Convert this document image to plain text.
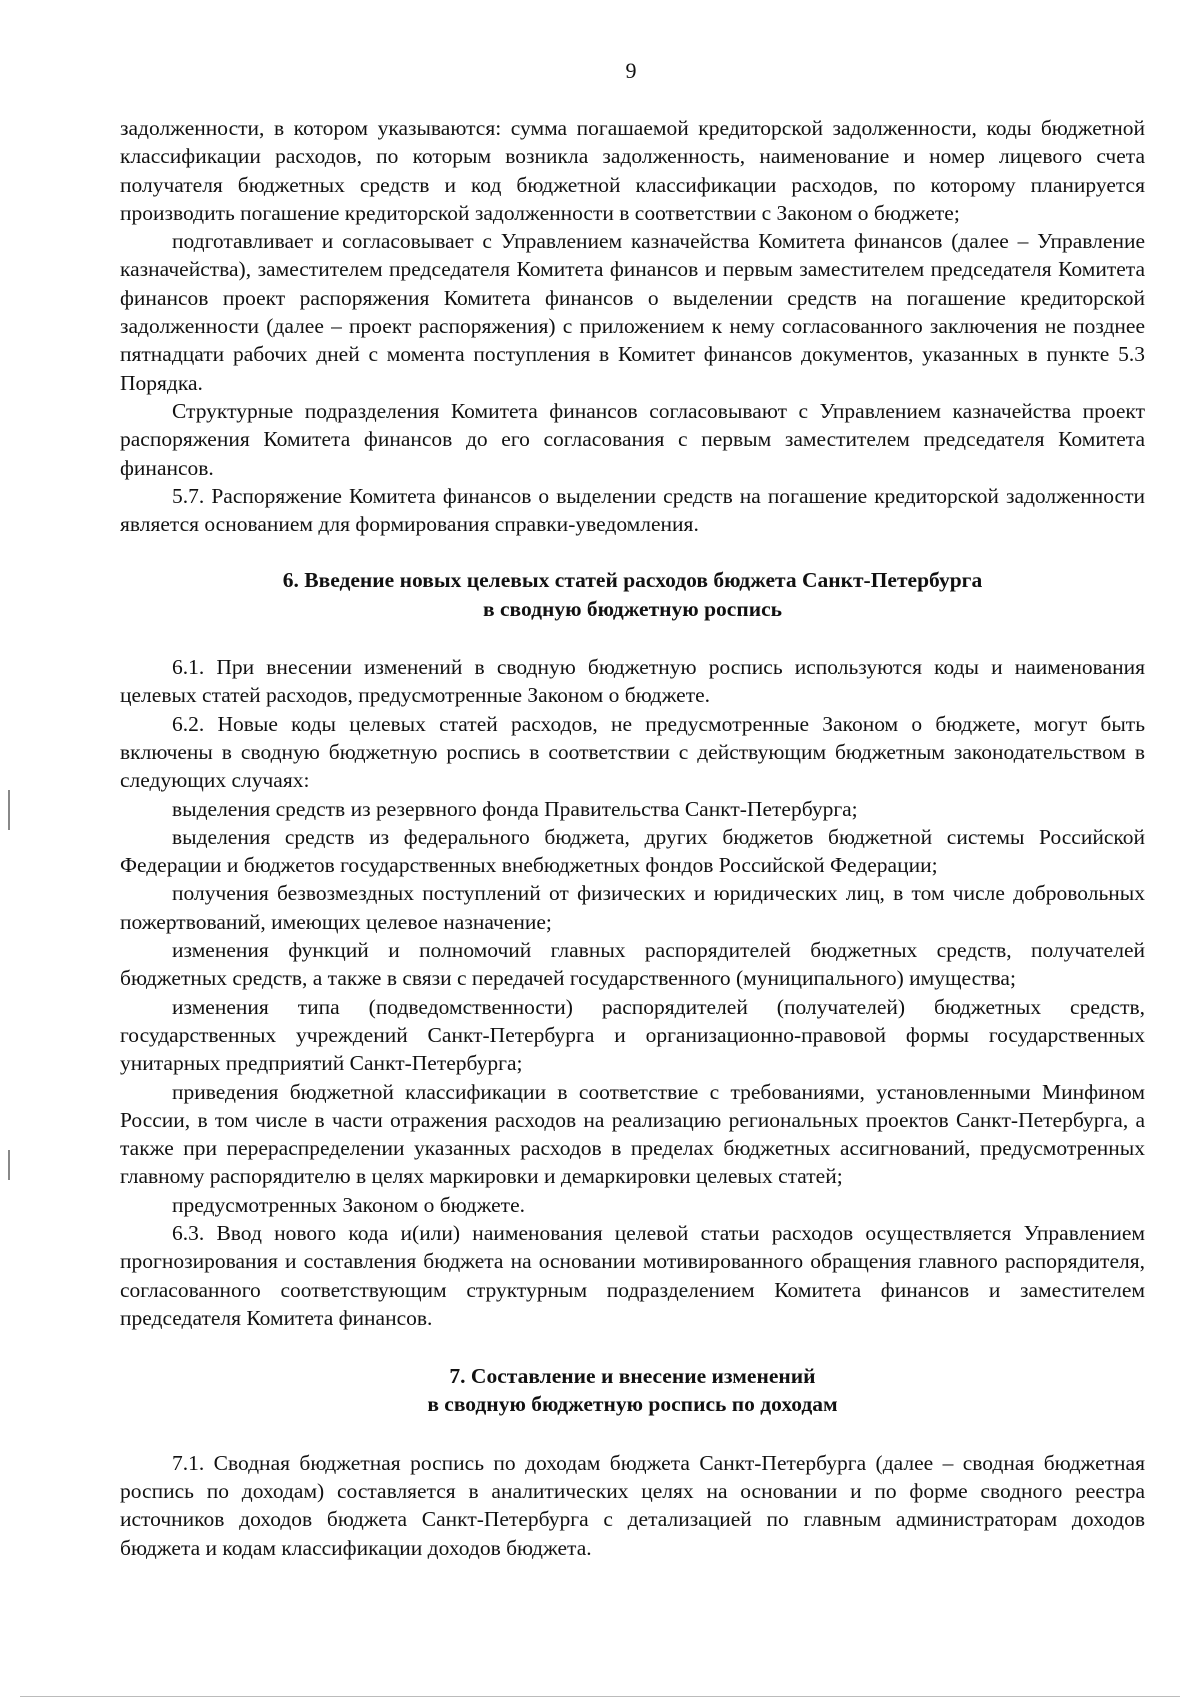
9

задолженности, в котором указываются: сумма погашаемой кредиторской задолженности, коды бюджетной классификации расходов, по которым возникла задолженность, наименование и номер лицевого счета получателя бюджетных средств и код бюджетной классификации расходов, по которому планируется производить погашение кредиторской задолженности в соответствии с Законом о бюджете;

подготавливает и согласовывает с Управлением казначейства Комитета финансов (далее – Управление казначейства), заместителем председателя Комитета финансов и первым заместителем председателя Комитета финансов проект распоряжения Комитета финансов о выделении средств на погашение кредиторской задолженности (далее – проект распоряжения) с приложением к нему согласованного заключения не позднее пятнадцати рабочих дней с момента поступления в Комитет финансов документов, указанных в пункте 5.3 Порядка.

Структурные подразделения Комитета финансов согласовывают с Управлением казначейства проект распоряжения Комитета финансов до его согласования с первым заместителем председателя Комитета финансов.

5.7. Распоряжение Комитета финансов о выделении средств на погашение кредиторской задолженности является основанием для формирования справки-уведомления.

6. Введение новых целевых статей расходов бюджета Санкт-Петербурга
в сводную бюджетную роспись

6.1. При внесении изменений в сводную бюджетную роспись используются коды и наименования целевых статей расходов, предусмотренные Законом о бюджете.

6.2. Новые коды целевых статей расходов, не предусмотренные Законом о бюджете, могут быть включены в сводную бюджетную роспись в соответствии с действующим бюджетным законодательством в следующих случаях:

выделения средств из резервного фонда Правительства Санкт-Петербурга;

выделения средств из федерального бюджета, других бюджетов бюджетной системы Российской Федерации и бюджетов государственных внебюджетных фондов Российской Федерации;

получения безвозмездных поступлений от физических и юридических лиц, в том числе добровольных пожертвований, имеющих целевое назначение;

изменения функций и полномочий главных распорядителей бюджетных средств, получателей бюджетных средств, а также в связи с передачей государственного (муниципального) имущества;

изменения типа (подведомственности) распорядителей (получателей) бюджетных средств, государственных учреждений Санкт-Петербурга и организационно-правовой формы государственных унитарных предприятий Санкт-Петербурга;

приведения бюджетной классификации в соответствие с требованиями, установленными Минфином России, в том числе в части отражения расходов на реализацию региональных проектов Санкт-Петербурга, а также при перераспределении указанных расходов в пределах бюджетных ассигнований, предусмотренных главному распорядителю в целях маркировки и демаркировки целевых статей;

предусмотренных Законом о бюджете.

6.3. Ввод нового кода и(или) наименования целевой статьи расходов осуществляется Управлением прогнозирования и составления бюджета на основании мотивированного обращения главного распорядителя, согласованного соответствующим структурным подразделением Комитета финансов и заместителем председателя Комитета финансов.

7. Составление и внесение изменений
в сводную бюджетную роспись по доходам

7.1. Сводная бюджетная роспись по доходам бюджета Санкт-Петербурга (далее – сводная бюджетная роспись по доходам) составляется в аналитических целях на основании и по форме сводного реестра источников доходов бюджета Санкт-Петербурга с детализацией по главным администраторам доходов бюджета и кодам классификации доходов бюджета.
